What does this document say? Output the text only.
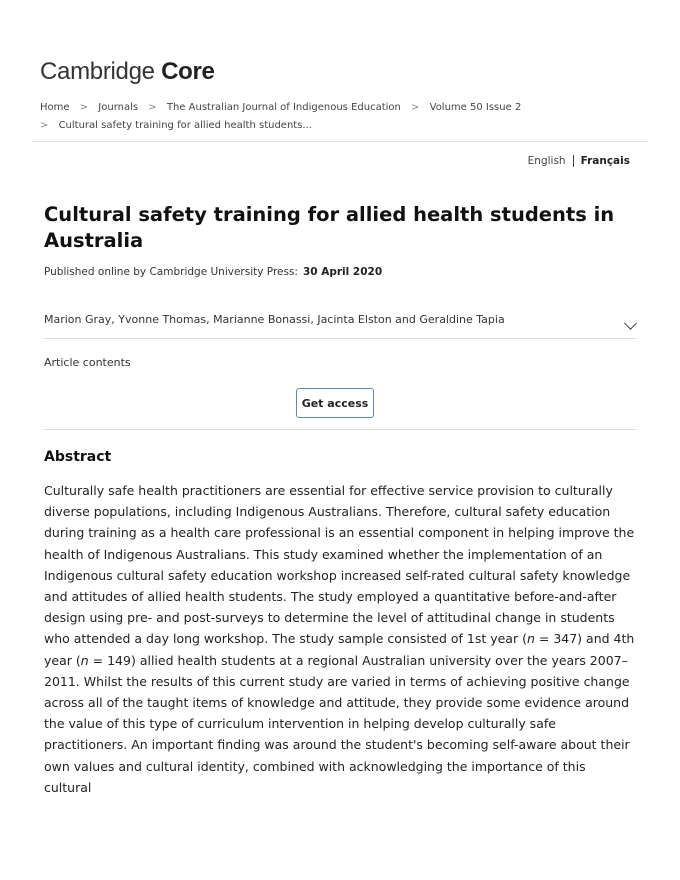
Cambridge Core
Home > Journals > The Australian Journal of Indigenous Education > Volume 50 Issue 2
> Cultural safety training for allied health students...
English	Français
Cultural safety training for allied health students in Australia
Published online by Cambridge University Press: 30 April 2020
Marion Gray, Yvonne Thomas, Marianne Bonassi, Jacinta Elston and Geraldine Tapia
Article contents
Get access
Abstract

Culturally safe health practitioners are essential for effective service provision to culturally diverse populations, including Indigenous Australians. Therefore, cultural safety education during training as a health care professional is an essential component in helping improve the health of Indigenous Australians. This study examined whether the implementation of an Indigenous cultural safety education workshop increased self-rated cultural safety knowledge and attitudes of allied health students. The study employed a quantitative before-and-after design using pre- and post-surveys to determine the level of attitudinal change in students who attended a day long workshop. The study sample consisted of 1st year (n = 347) and 4th year (n = 149) allied health students at a regional Australian university over the years 2007–2011. Whilst the results of this current study are varied in terms of achieving positive change across all of the taught items of knowledge and attitude, they provide some evidence around the value of this type of curriculum intervention in helping develop culturally safe practitioners. An important finding was around the student's becoming self-aware about their own values and cultural identity, combined with acknowledging the importance of this cultural
